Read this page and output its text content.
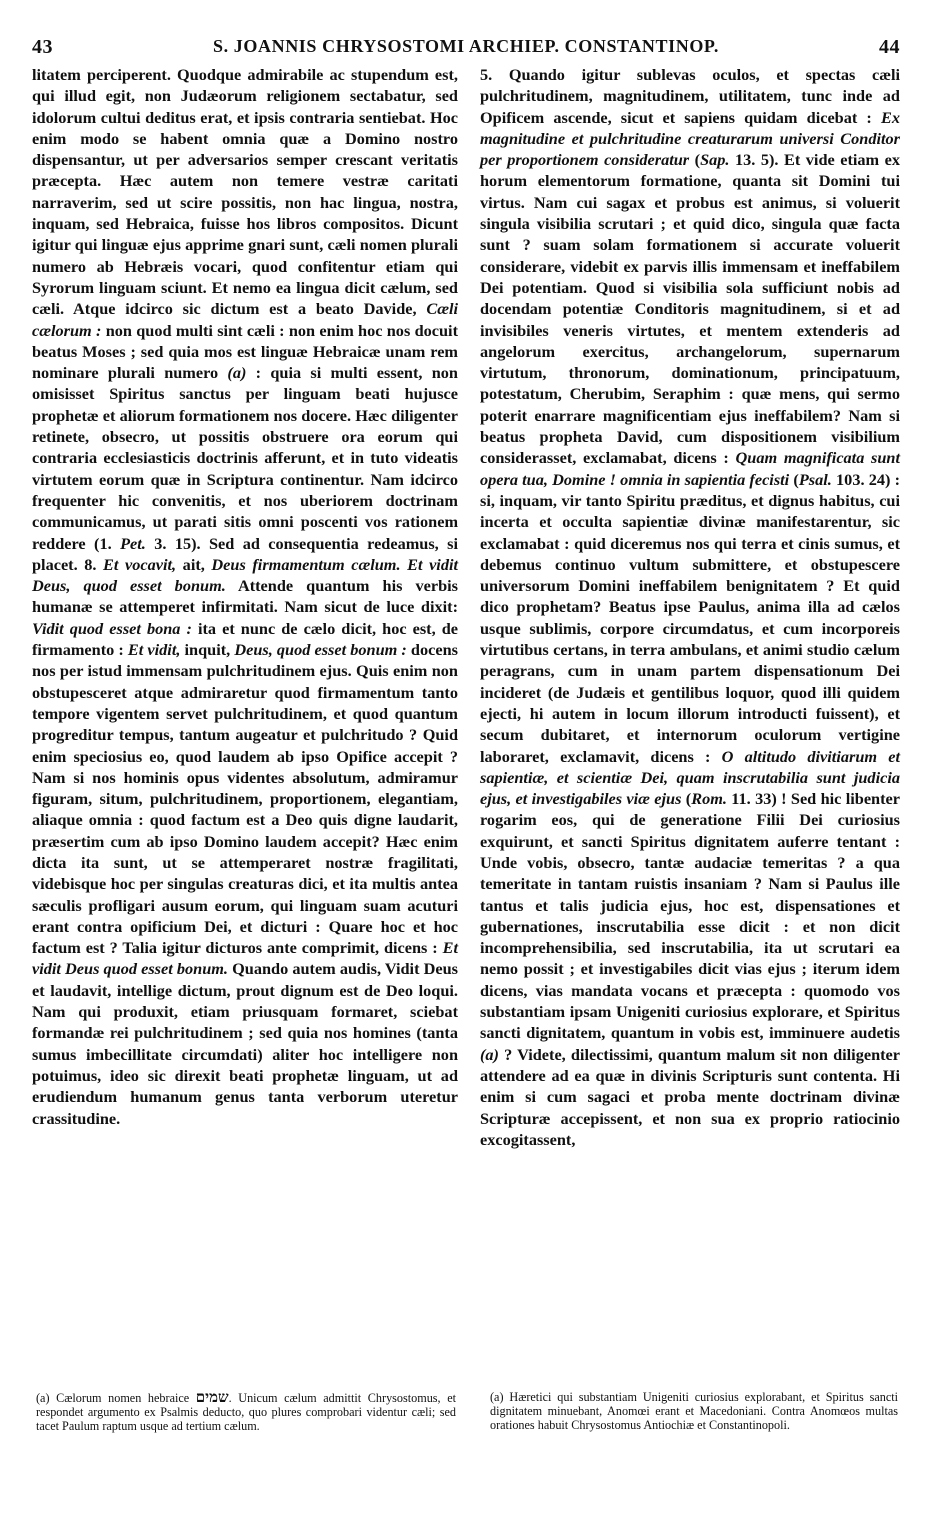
43	S. JOANNIS CHRYSOSTOMI ARCHIEP. CONSTANTINOP.	44

litatem perciperent. Quodque admirabile ac stupendum est, qui illud egit, non Judæorum religionem sectabatur, sed idolorum cultui deditus erat, et ipsis contraria sentiebat. Hoc enim modo se habent omnia quæ a Domino nostro dispensantur, ut per adversarios semper crescant veritatis præcepta. Hæc autem non temere vestræ caritati narraverim, sed ut scire possitis, non hac lingua, nostra, inquam, sed Hebraica, fuisse hos libros compositos. Dicunt igitur qui linguæ ejus apprime gnari sunt, cæli nomen plurali numero ab Hebræis vocari, quod confitentur etiam qui Syrorum linguam sciunt. Et nemo ea lingua dicit cælum, sed cæli. Atque idcirco sic dictum est a beato Davide, Cæli cælorum : non quod multi sint cæli : non enim hoc nos docuit beatus Moses ; sed quia mos est linguæ Hebraicæ unam rem nominare plurali numero (a) : quia si multi essent, non omisisset Spiritus sanctus per linguam beati hujusce prophetæ et aliorum formationem nos docere. Hæc diligenter retinete, obsecro, ut possitis obstruere ora eorum qui contraria ecclesiasticis doctrinis afferunt, et in tuto videatis virtutem eorum quæ in Scriptura continentur. Nam idcirco frequenter hic convenitis, et nos uberiorem doctrinam communicamus, ut parati sitis omni poscenti vos rationem reddere (1. Pet. 3. 15). Sed ad consequentia redeamus, si placet. 8. Et vocavit, ait, Deus firmamentum cælum. Et vidit Deus, quod esset bonum. Attende quantum his verbis humanæ se attemperet infirmitati. Nam sicut de luce dixit: Vidit quod esset bona : ita et nunc de cælo dicit, hoc est, de firmamento : Et vidit, inquit, Deus, quod esset bonum : docens nos per istud immensam pulchritudinem ejus. Quis enim non obstupesceret atque admiraretur quod firmamentum tanto tempore vigentem servet pulchritudinem, et quod quantum progreditur tempus, tantum augeatur et pulchritudo ? Quid enim speciosius eo, quod laudem ab ipso Opifice accepit ? Nam si nos hominis opus videntes absolutum, admiramur figuram, situm, pulchritudinem, proportionem, elegantiam, aliaque omnia : quod factum est a Deo quis digne laudarit, præsertim cum ab ipso Domino laudem accepit? Hæc enim dicta ita sunt, ut se attemperaret nostræ fragilitati, videbisque hoc per singulas creaturas dici, et ita multis antea sæculis profligari ausum eorum, qui linguam suam acuturi erant contra opificium Dei, et dicturi : Quare hoc et hoc factum est ? Talia igitur dicturos ante comprimit, dicens : Et vidit Deus quod esset bonum. Quando autem audis, Vidit Deus et laudavit, intellige dictum, prout dignum est de Deo loqui. Nam qui produxit, etiam priusquam formaret, sciebat formandæ rei pulchritudinem ; sed quia nos homines (tanta sumus imbecillitate circumdati) aliter hoc intelligere non potuimus, ideo sic direxit beati prophetæ linguam, ut ad erudiendum humanum genus tanta verborum uteretur crassitudine.

5. Quando igitur sublevas oculos, et spectas cæli pulchritudinem, magnitudinem, utilitatem, tunc inde ad Opificem ascende, sicut et sapiens quidam dicebat : Ex magnitudine et pulchritudine creaturarum universi Conditor per proportionem consideratur (Sap. 13. 5). Et vide etiam ex horum elementorum formatione, quanta sit Domini tui virtus. Nam cui sagax et probus est animus, si voluerit singula visibilia scrutari ; et quid dico, singula quæ facta sunt ? suam solam formationem si accurate voluerit considerare, videbit ex parvis illis immensam et ineffabilem Dei potentiam. Quod si visibilia sola sufficiunt nobis ad docendam potentiæ Conditoris magnitudinem, si et ad invisibiles veneris virtutes, et mentem extenderis ad angelorum exercitus, archangelorum, supernarum virtutum, thronorum, dominationum, principatuum, potestatum, Cherubim, Seraphim : quæ mens, qui sermo poterit enarrare magnificentiam ejus ineffabilem? Nam si beatus propheta David, cum dispositionem visibilium considerasset, exclamabat, dicens : Quam magnificata sunt opera tua, Domine ! omnia in sapientia fecisti (Psal. 103. 24) : si, inquam, vir tanto Spiritu præditus, et dignus habitus, cui incerta et occulta sapientiæ divinæ manifestarentur, sic exclamabat : quid diceremus nos qui terra et cinis sumus, et debemus continuo vultum submittere, et obstupescere universorum Domini ineffabilem benignitatem ? Et quid dico prophetam? Beatus ipse Paulus, anima illa ad cælos usque sublimis, corpore circumdatus, et cum incorporeis virtutibus certans, in terra ambulans, et animi studio cælum peragrans, cum in unam partem dispensationum Dei incideret (de Judæis et gentilibus loquor, quod illi quidem ejecti, hi autem in locum illorum introducti fuissent), et secum dubitaret, et internorum oculorum vertigine laboraret, exclamavit, dicens : O altitudo divitiarum et sapientiæ, et scientiæ Dei, quam inscrutabilia sunt judicia ejus, et investigabiles viæ ejus (Rom. 11. 33) ! Sed hic libenter rogarim eos, qui de generatione Filii Dei curiosius exquirunt, et sancti Spiritus dignitatem auferre tentant : Unde vobis, obsecro, tantæ audaciæ temeritas ? a qua temeritate in tantam ruistis insaniam ? Nam si Paulus ille tantus et talis judicia ejus, hoc est, dispensationes et gubernationes, inscrutabilia esse dicit : et non dicit incomprehensibilia, sed inscrutabilia, ita ut scrutari ea nemo possit ; et investigabiles dicit vias ejus ; iterum idem dicens, vias mandata vocans et præcepta : quomodo vos substantiam ipsam Unigeniti curiosius explorare, et Spiritus sancti dignitatem, quantum in vobis est, imminuere audetis (a) ? Videte, dilectissimi, quantum malum sit non diligenter attendere ad ea quæ in divinis Scripturis sunt contenta. Hi enim si cum sagaci et proba mente doctrinam divinæ Scripturæ accepissent, et non sua ex proprio ratiocinio excogitassent,

(a) Cælorum nomen hebraice שמים. Unicum cælum admittit Chrysostomus, et respondet argumento ex Psalmis deducto, quo plures comprobari videntur cæli; sed tacet Paulum raptum usque ad tertium cælum.
(a) Hæretici qui substantiam Unigeniti curiosius explorabant, et Spiritus sancti dignitatem minuebant, Anomœi erant et Macedoniani. Contra Anomœos multas orationes habuit Chrysostomus Antiochiæ et Constantinopoli.
